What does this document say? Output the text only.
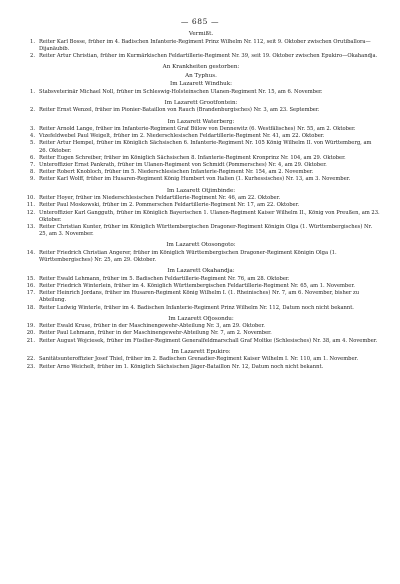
— 685 —
Vermißt.
1. Reiter Karl Bosse, früher im 4. Badischen Infanterie-Regiment Prinz Wilhelm Nr. 112, seit 9. Oktober zwischen Orutiballora—Dijanäubib.
2. Reiter Artur Christian, früher im Kurmärkischen Feldartillerie-Regiment Nr. 39, seit 19. Oktober zwischen Epukiro—Okahandja.
An Krankheiten gestorben:
An Typhus.
Im Lazarett Windhuk:
1. Stabsveterinär Michael Noll, früher im Schleswig-Holsteinschen Ulanen-Regiment Nr. 15, am 6. November.
Im Lazarett Grootfontein:
2. Reiter Ernst Wenzel, früher im Pionier-Bataillon von Rauch (Brandenburgisches) Nr. 3, am 23. September.
Im Lazarett Waterberg:
3. Reiter Arnold Lange, früher im Infanterie-Regiment Graf Bülow von Dennewitz (6. Westfälisches) Nr. 55, am 2. Oktober.
4. Vizefeldwebel Paul Weigelt, früher im 2. Niederschlesischen Feldartillerie-Regiment Nr. 41, am 22. Oktober.
5. Reiter Artur Hempel, früher im Königlich Sächsischen 6. Infanterie-Regiment Nr. 105 König Wilhelm II. von Württemberg, am 26. Oktober.
6. Reiter Eugen Schreiber, früher im Königlich Sächsischen 8. Infanterie-Regiment Kronprinz Nr. 104, am 29. Oktober.
7. Unteroffizier Ernst Pankrath, früher im Ulanen-Regiment von Schmidt (Pommersches) Nr. 4, am 29. Oktober.
8. Reiter Robert Knobloch, früher im 5. Niederschlesischen Infanterie-Regiment Nr. 154, am 2. November.
9. Reiter Karl Wolff, früher im Husaren-Regiment König Humbert von Italien (1. Kurhessisches) Nr. 13, am 3. November.
Im Lazarett Otjimbinde:
10. Reiter Hoyer, früher im Niederschlesischen Feldartillerie-Regiment Nr. 46, am 22. Oktober.
11. Reiter Paul Moskowski, früher im 2. Pommerschen Feldartillerie-Regiment Nr. 17, am 22. Oktober.
12. Unteroffizier Karl Gangguth, früher im Königlich Bayerischen 1. Ulanen-Regiment Kaiser Wilhelm II., König von Preußen, am 23. Oktober.
13. Reiter Christian Kunter, früher im Königlich Württembergischen Dragoner-Regiment Königin Olga (1. Württembergisches) Nr. 25, am 3. November.
Im Lazarett Otosongoto:
14. Reiter Friedrich Christian Angerer, früher im Königlich Württembergischen Dragoner-Regiment Königin Olga (1. Württembergisches) Nr. 25, am 29. Oktober.
Im Lazarett Okahandja:
15. Reiter Ewald Lehmann, früher im 5. Badischen Feldartillerie-Regiment Nr. 76, am 28. Oktober.
16. Reiter Friedrich Winterlein, früher im 4. Königlich Württembergischen Feldartillerie-Regiment Nr. 65, am 1. November.
17. Reiter Heinrich Jordans, früher im Husaren-Regiment König Wilhelm I. (1. Rheinisches) Nr. 7, am 6. November, bisher zu Abteilung.
18. Reiter Ludwig Winterle, früher im 4. Badischen Infanterie-Regiment Prinz Wilhelm Nr. 112, Datum noch nicht bekannt.
Im Lazarett Ofjosondu:
19. Reiter Ewald Kruse, früher in der Maschinengewehr-Abteilung Nr. 3, am 29. Oktober.
20. Reiter Paul Lehmann, früher in der Maschinengewehr-Abteilung Nr. 7, am 2. November.
21. Reiter August Wojciesek, früher im Füsilier-Regiment Generalfeldmarschall Graf Moltke (Schlesisches) Nr. 38, am 4. November.
Im Lazarett Epukiro:
22. Sanitätsunteroffizier Josef Thiel, früher im 2. Badischen Grenadier-Regiment Kaiser Wilhelm I. Nr. 110, am 1. November.
23. Reiter Arno Weichelt, früher im 1. Königlich Sächsischen Jäger-Bataillon Nr. 12, Datum noch nicht bekannt.
